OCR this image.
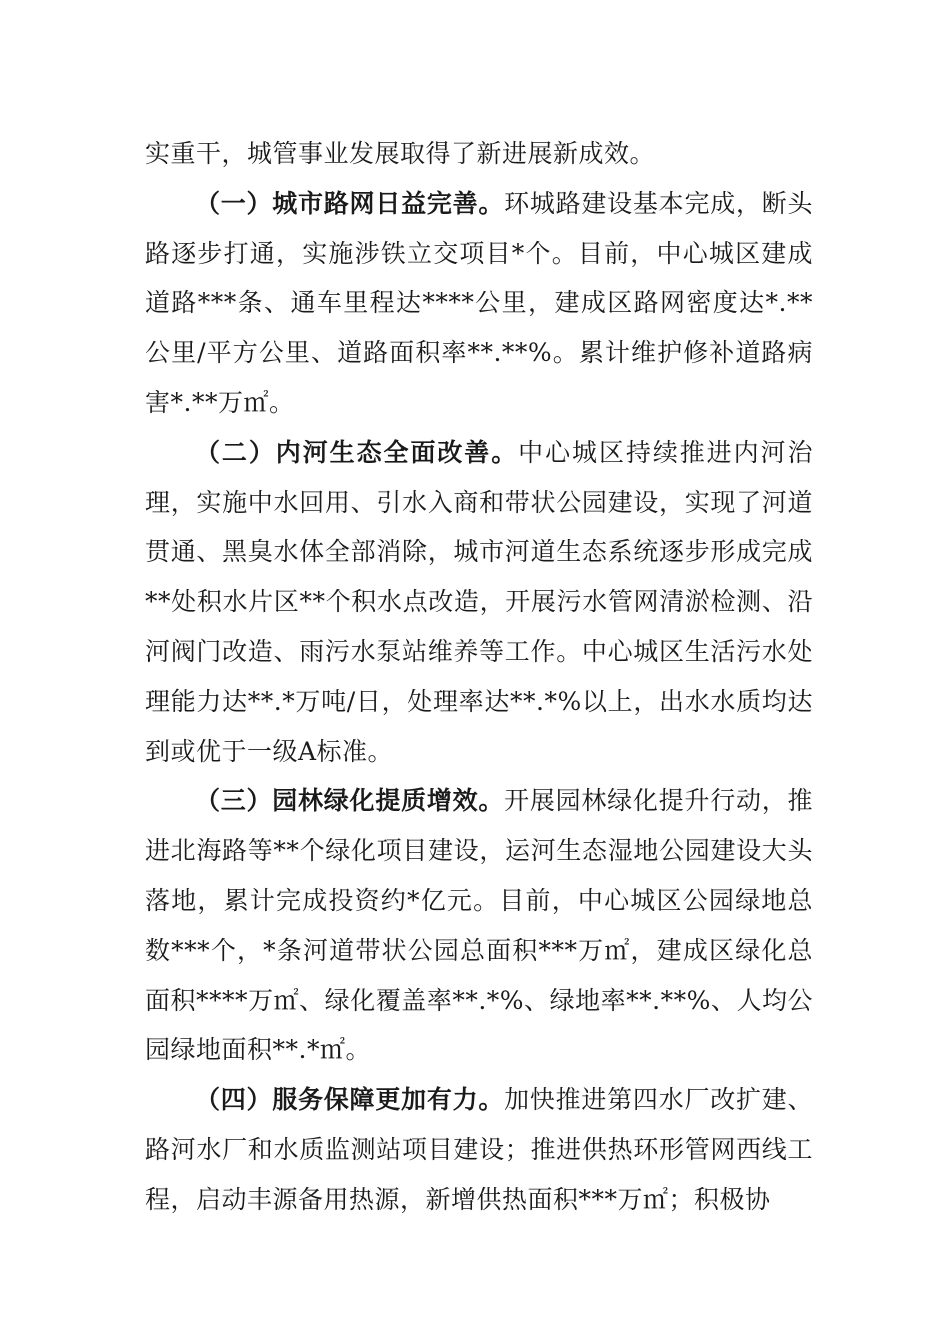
实重干，城管事业发展取得了新进展新成效。

（一）城市路网日益完善。环城路建设基本完成，断头路逐步打通，实施涉铁立交项目*个。目前，中心城区建成道路***条、通车里程达****公里，建成区路网密度达*.**公里/平方公里、道路面积率**.**%。累计维护修补道路病害*.**万㎡。

（二）内河生态全面改善。中心城区持续推进内河治理，实施中水回用、引水入商和带状公园建设，实现了河道贯通、黑臭水体全部消除，城市河道生态系统逐步形成完成**处积水片区**个积水点改造，开展污水管网清淤检测、沿河阀门改造、雨污水泵站维养等工作。中心城区生活污水处理能力达**.*万吨/日，处理率达**.*%以上，出水水质均达到或优于一级A标准。

（三）园林绿化提质增效。开展园林绿化提升行动，推进北海路等**个绿化项目建设，运河生态湿地公园建设大头落地，累计完成投资约*亿元。目前，中心城区公园绿地总数***个，*条河道带状公园总面积***万㎡，建成区绿化总面积****万㎡、绿化覆盖率**.*%、绿地率**.**%、人均公园绿地面积**.*㎡。

（四）服务保障更加有力。加快推进第四水厂改扩建、路河水厂和水质监测站项目建设；推进供热环形管网西线工程，启动丰源备用热源，新增供热面积***万㎡；积极协
